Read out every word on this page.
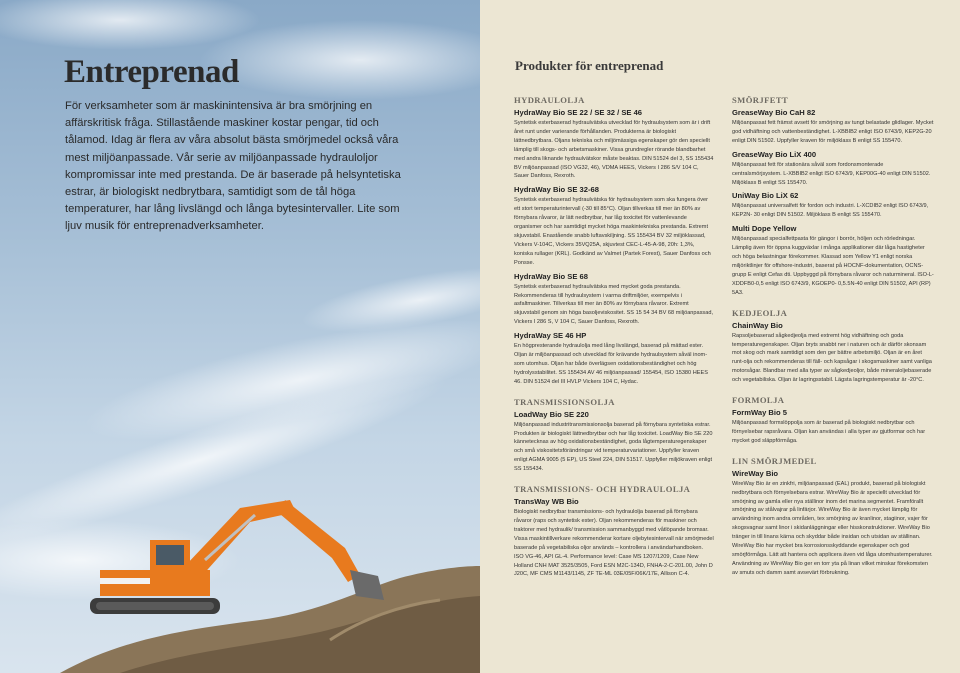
Entreprenad

För verksamheter som är maskinintensiva är bra smörjning en affärskritisk fråga. Stillastående maskiner kostar pengar, tid och tålamod. Idag är flera av våra absolut bästa smörjmedel också våra mest miljöanpassade. Vår serie av miljöanpassade hydrauloljor kompromissar inte med prestanda. De är baserade på helsyntetiska estrar, är biologiskt nedbrytbara, samtidigt som de tål höga temperaturer, har lång livslängd och långa bytesintervaller. Lite som ljuv musik för entreprenadverksamheter.

Produkter för entreprenad
HYDRAULOLJA
HydraWay Bio SE 22 / SE 32 / SE 46

Syntetisk esterbaserad hydraulvätska utvecklad för hydraulsystem som är i drift året runt under varierande förhållanden. Produkterna är biologiskt lättnedbrytbara. Oljans tekniska och miljömässiga egenskaper gör den speciellt lämplig till skogs- och arbetsmaskiner. Vissa grundregler rörande blandbarhet med andra liknande hydraulvätskor måste beaktas. DIN 51524 del 3, SS 155434 BV miljöanpassad (ISO VG32, 46), VDMA HEES, Vickers I 286 S/V 104 C, Sauer Danfoss, Rexroth.

HydraWay Bio SE 32-68

Syntetisk esterbaserad hydraulvätska för hydraulsystem som ska fungera över ett stort temperaturintervall (-30 till 85°C). Oljan tillverkas till mer än 80% av förnybara råvaror, är lätt nedbrytbar, har låg toxicitet för vattenlevande organismer och har samtidigt mycket höga maskintekniska prestanda. Extremt skjuvstabil. Enastående snabb luftavskiljning. SS 155434 BV 32 miljöklassad, Vickers V-104C, Vickers 35VQ25A, skjuvtest CEC-L-45-A-98, 20h: 1,3%, koniska rullager (KRL). Godkänd av Valmet (Partek Forest), Sauer Danfoss och Ponsse.

HydraWay Bio SE 68

Syntetisk esterbaserad hydraulvätska med mycket goda prestanda. Rekommenderas till hydraulsystem i varma driftmiljöer, exempelvis i asfaltmaskiner. Tillverkas till mer än 80% av förnybara råvaror. Extremt skjuvstabil genom sin höga basoljeviskositet. SS 15 54 34 BV 68 miljöanpassad, Vickers I 286 S, V 104 C, Sauer Danfoss, Rexroth.

HydraWay SE 46 HP

En högpresterande hydraulolja med lång livslängd, baserad på mättad ester. Oljan är miljöanpassad och utvecklad för krävande hydraulsystem såväl inom- som utomhus. Oljan har både överlägsen oxidationsbeständighet och hög hydrolysstabilitet. SS 155434 AV 46 miljöanpassad/ 155454, ISO 15380 HEES 46. DIN 51524 del III HVLP Vickers 104 C, Hydac.

TRANSMISSIONSOLJA
LoadWay Bio SE 220

Miljöanpassad industritransmissionsolja baserad på förnybara syntetiska estrar. Produkten är biologiskt lättnedbrytbar och har låg toxicitet. LoadWay Bio SE 220 kännetecknas av hög oxidationsbeständighet, goda lågtemperaturegenskaper och små viskositetsförändringar vid temperaturvariationer. Uppfyller kraven enligt AGMA 9005 (5 EP), US Steel 224, DIN 51517. Uppfyller miljökraven enligt SS 155434.

TRANSMISSIONS- OCH HYDRAULOLJA
TransWay WB Bio

Biologiskt nedbrytbar transmissions- och hydraulolja baserad på förnybara råvaror (raps och syntetisk ester). Oljan rekommenderas för maskiner och traktorer med hydraulik/ transmission sammanbyggd med våtlöpande bromsar. Vissa maskintillverkare rekommenderar kortare oljebytesintervall när smörjmedel baserade på vegetabiliska oljor används – kontrollera i användarhandboken. ISO VG-46, API GL-4. Performance level: Case MS 1207/1209, Case New Holland CNH MAT 3525/3505, Ford ESN M2C-134D, FNHA-2-C-201.00, John D J20C, MF CMS M1143/1145, ZF TE-ML 03E/05F/06K/17E, Allison C-4.

SMÖRJFETT
GreaseWay Bio CaH 82

Miljöanpassat fett främst avsett för smörjning av tungt belastade glidlager. Mycket god vidhäftning och vattenbeständighet. L-XBBIB2 enligt ISO 6743/9, KEP2G-20 enligt DIN 51502. Uppfyller kraven för miljöklass B enligt SS 155470.

GreaseWay Bio LiX 400

Miljöanpassat fett för stationära såväl som fordonsmonterade centralsmörjsystem. L-XBBIB2 enligt ISO 6743/9, KEP00G-40 enligt DIN 51502. Miljöklass B enligt SS 155470.

UniWay Bio LiX 62

Miljöanpassat universalfett för fordon och industri. L-XCDIB2 enligt ISO 6743/9, KEP2N- 30 enligt DIN 51502. Miljöklass B enligt SS 155470.

Multi Dope Yellow

Miljöanpassad specialfettpasta för gängor i borrör, höljen och rörledningar. Lämplig även för öppna kuggväxlar i många applikationer där låga hastigheter och höga belastningar förekommer. Klassad som Yellow Y1 enligt norska miljöriktlinjer för offshore-industri, baserat på HOCNF-dokumentation, OCNS-grupp E enligt Cefas dti. Uppbyggd på förnybara råvaror och naturmineral. ISO-L-XDDFB0-0,5 enligt ISO 6743/9, KGOEP0- 0,5.5N-40 enligt DIN 51502, API (RP) 5A3.

KEDJEOLJA
ChainWay Bio

Rapsoljebaserad sågkedjeolja med extremt hög vidhäftning och goda temperaturegenskaper. Oljan bryts snabbt ner i naturen och är därför skonsam mot skog och mark samtidigt som den ger bättre arbetsmiljö. Oljan är en året runt-olja och rekommenderas till fäll- och kapsågar i skogsmaskiner samt vanliga motorsågar. Blandbar med alla typer av sågkedjeoljor, både mineraloljebaserade och vegetabiliska. Oljan är lagringsstabil. Lägsta lagringstemperatur är -20°C.

FORMOLJA
FormWay Bio 5

Miljöanpassad formslöppolja som är baserad på biologiskt nedbrytbar och förnyelsebar rapsråvara. Oljan kan användas i alla typer av gjutformar och har mycket god släppförmåga.

LIN SMÖRJMEDEL
WireWay Bio

WireWay Bio är en zinkfri, miljöanpassad (EAL) produkt, baserad på biologiskt nedbrytbara och förnyelsebara estrar. WireWay Bio är speciellt utvecklad för smörjning av gamla eller nya ställinor inom det marina segmentet. Framförallt smörjning av stålvajrar på linfärjor. WireWay Bio är även mycket lämplig för användning inom andra områden, tex smörjning av kranlinor, stagiinor, vajer för skogsvagnar samt linor i skidanläggningar eller hisskonstruktioner. WireWay Bio tränger in till linans kärna och skyddar både insidan och utsidan av ställinan. WireWay Bio har mycket bra korrosionsskyddande egenskaper och god smörjförmåga. Lätt att hantera och applicera även vid låga utomhustemperaturer. Användning av WireWay Bio ger en torr yta på linan vilket minskar förekomsten av smuts och damm samt avsevärt förbrukning.
